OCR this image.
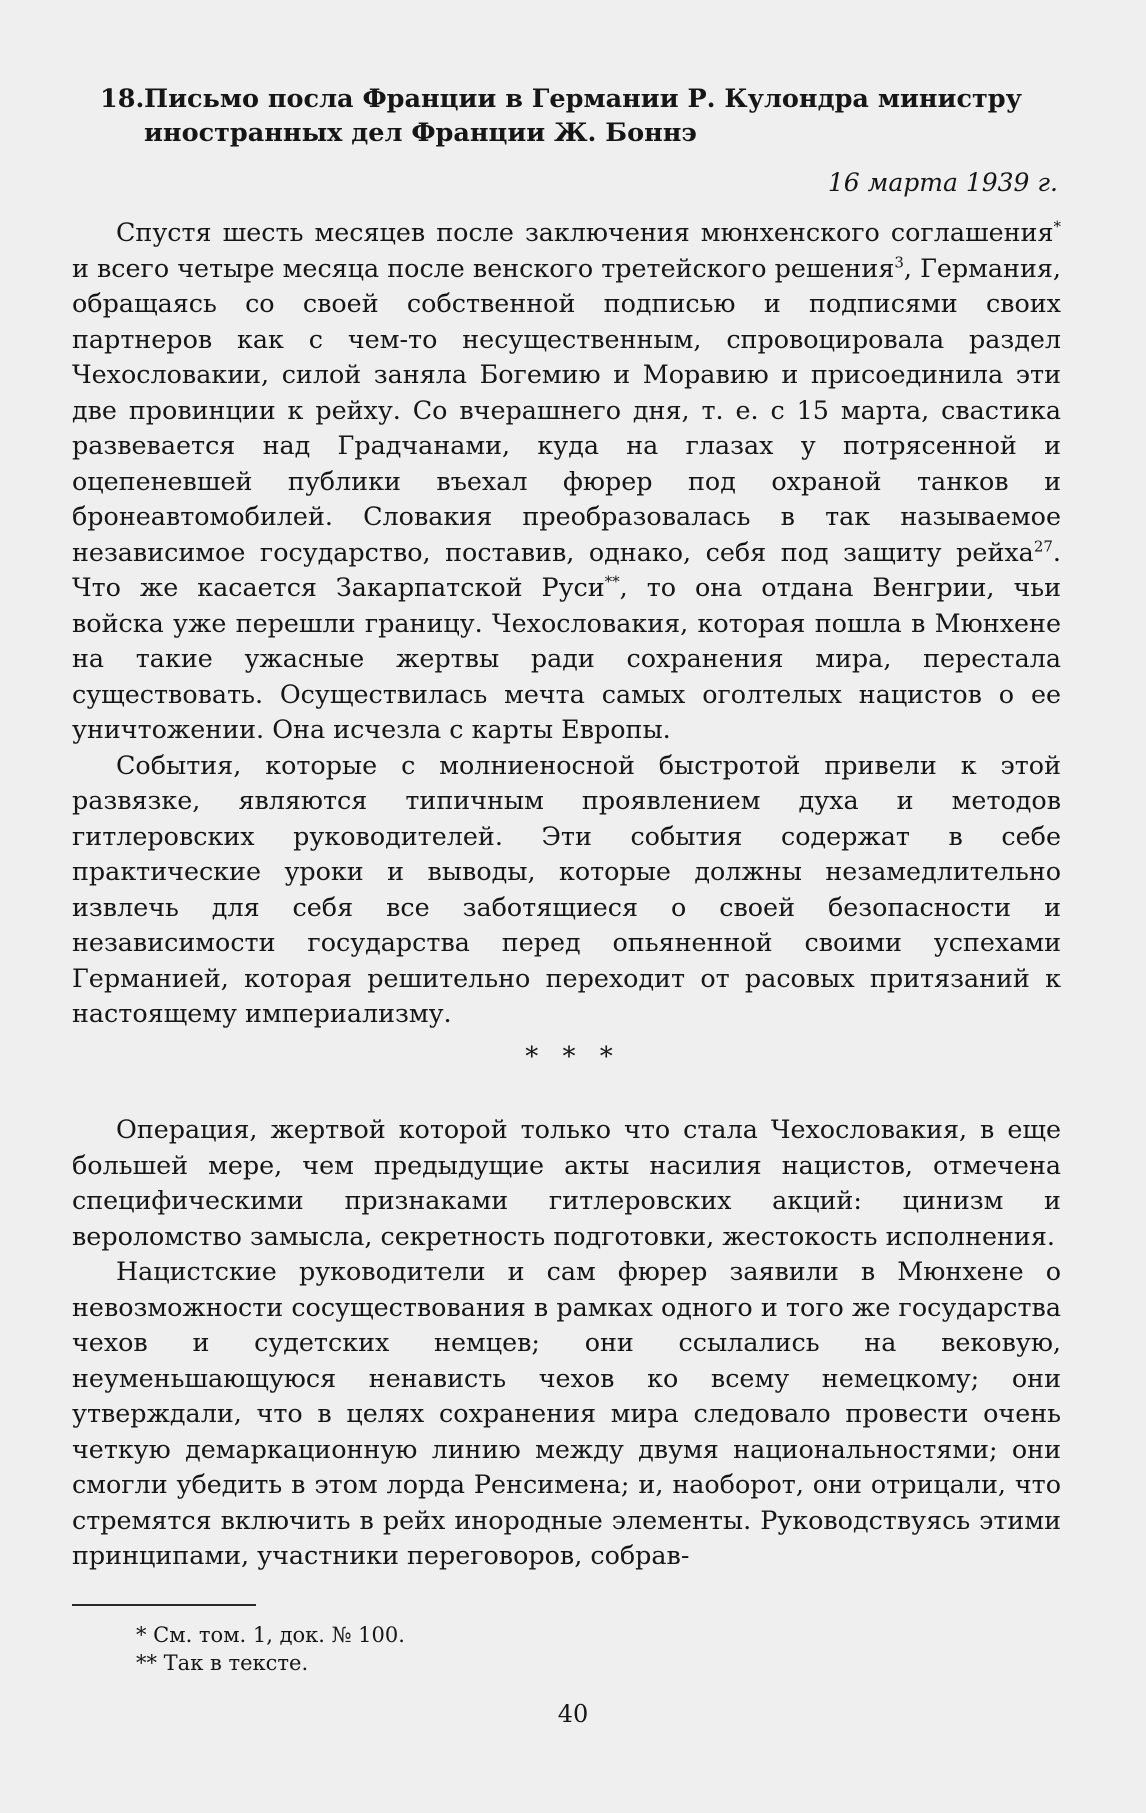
18.Письмо посла Франции в Германии Р. Кулондра министру
иностранных дел Франции Ж. Боннэ
16 марта 1939 г.

Спустя шесть месяцев после заключения мюнхенского соглашения* и всего четыре месяца после венского третейского решения$^3$, Германия, обращаясь со своей собственной подписью и подписями своих партнеров как с чем-то несущественным, спровоцировала раздел Чехословакии, силой заняла Богемию и Моравию и присоединила эти две провинции к рейху. Со вчерашнего дня, т. е. с 15 марта, свастика развевается над Градчанами, куда на глазах у потрясенной и оцепеневшей публики въехал фюрер под охраной танков и бронеавтомобилей. Словакия преобразовалась в так называемое независимое государство, поставив, однако, себя под защиту рейха$^{27}$. Что же касается Закарпатской Руси**, то она отдана Венгрии, чьи войска уже перешли границу. Чехословакия, которая пошла в Мюнхене на такие ужасные жертвы ради сохранения мира, перестала существовать. Осуществилась мечта самых оголтелых нацистов о ее уничтожении. Она исчезла с карты Европы.

События, которые с молниеносной быстротой привели к этой развязке, являются типичным проявлением духа и методов гитлеровских руководителей. Эти события содержат в себе практические уроки и выводы, которые должны незамедлительно извлечь для себя все заботящиеся о своей безопасности и независимости государства перед опьяненной своими успехами Германией, которая решительно переходит от расовых притязаний к настоящему империализму.

* * *

Операция, жертвой которой только что стала Чехословакия, в еще большей мере, чем предыдущие акты насилия нацистов, отмечена специфическими признаками гитлеровских акций: цинизм и вероломство замысла, секретность подготовки, жестокость исполнения.

Нацистские руководители и сам фюрер заявили в Мюнхене о невозможности сосуществования в рамках одного и того же государства чехов и судетских немцев; они ссылались на вековую, неуменьшающуюся ненависть чехов ко всему немецкому; они утверждали, что в целях сохранения мира следовало провести очень четкую демаркационную линию между двумя национальностями; они смогли убедить в этом лорда Ренсимена; и, наоборот, они отрицали, что стремятся включить в рейх инородные элементы. Руководствуясь этими принципами, участники переговоров, собрав-

* См. том. 1, док. № 100.
** Так в тексте.
40
